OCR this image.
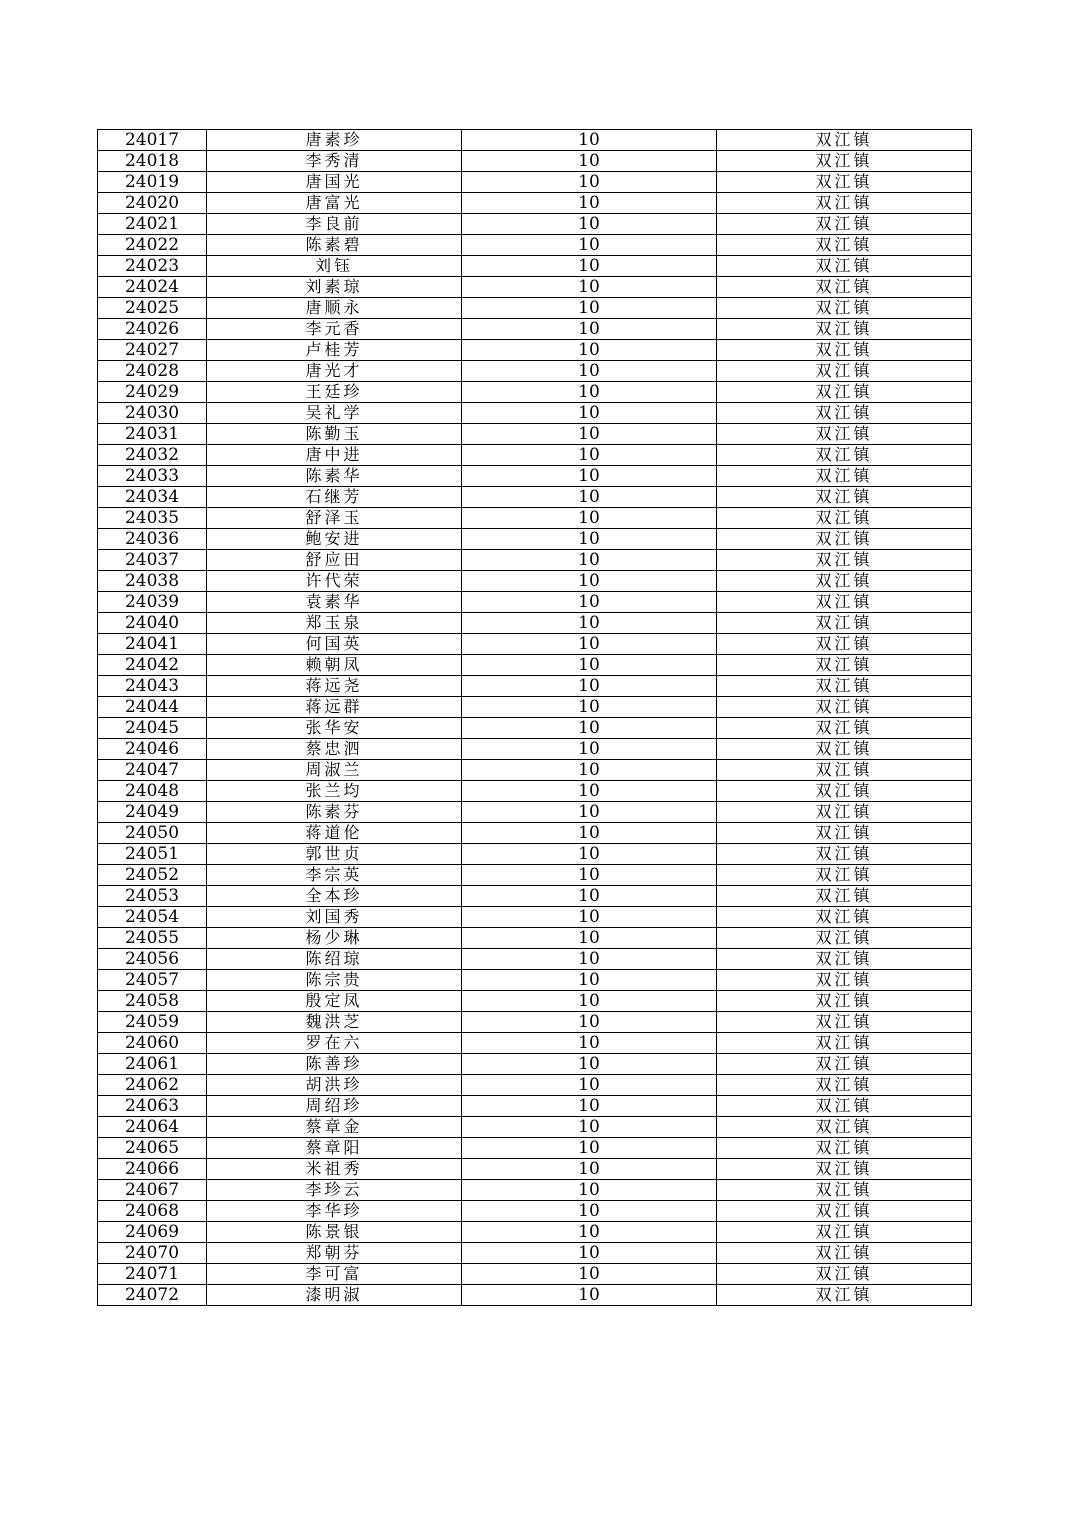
24017	唐素珍	10	双江镇
24018	李秀清	10	双江镇
24019	唐国光	10	双江镇
24020	唐富光	10	双江镇
24021	李良前	10	双江镇
24022	陈素碧	10	双江镇
24023	刘钰	10	双江镇
24024	刘素琼	10	双江镇
24025	唐顺永	10	双江镇
24026	李元香	10	双江镇
24027	卢桂芳	10	双江镇
24028	唐光才	10	双江镇
24029	王廷珍	10	双江镇
24030	吴礼学	10	双江镇
24031	陈勤玉	10	双江镇
24032	唐中进	10	双江镇
24033	陈素华	10	双江镇
24034	石继芳	10	双江镇
24035	舒泽玉	10	双江镇
24036	鲍安进	10	双江镇
24037	舒应田	10	双江镇
24038	许代荣	10	双江镇
24039	袁素华	10	双江镇
24040	郑玉泉	10	双江镇
24041	何国英	10	双江镇
24042	赖朝凤	10	双江镇
24043	蒋远尧	10	双江镇
24044	蒋远群	10	双江镇
24045	张华安	10	双江镇
24046	蔡忠泗	10	双江镇
24047	周淑兰	10	双江镇
24048	张兰均	10	双江镇
24049	陈素芬	10	双江镇
24050	蒋道伦	10	双江镇
24051	郭世贞	10	双江镇
24052	李宗英	10	双江镇
24053	全本珍	10	双江镇
24054	刘国秀	10	双江镇
24055	杨少琳	10	双江镇
24056	陈绍琼	10	双江镇
24057	陈宗贵	10	双江镇
24058	殷定凤	10	双江镇
24059	魏洪芝	10	双江镇
24060	罗在六	10	双江镇
24061	陈善珍	10	双江镇
24062	胡洪珍	10	双江镇
24063	周绍珍	10	双江镇
24064	蔡章金	10	双江镇
24065	蔡章阳	10	双江镇
24066	米祖秀	10	双江镇
24067	李珍云	10	双江镇
24068	李华珍	10	双江镇
24069	陈景银	10	双江镇
24070	郑朝芬	10	双江镇
24071	李可富	10	双江镇
24072	漆明淑	10	双江镇
